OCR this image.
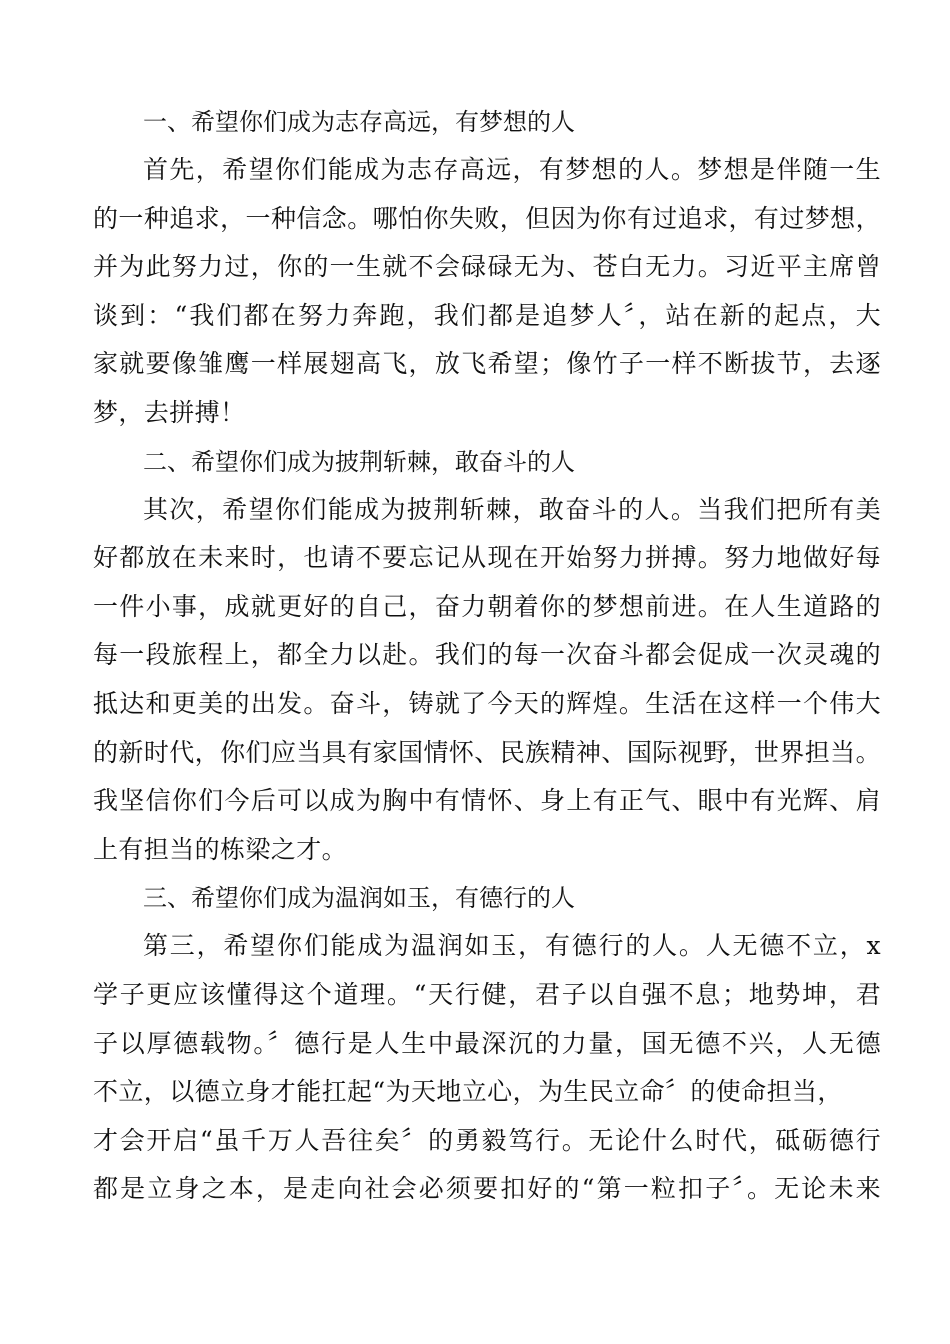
一、希望你们成为志存高远，有梦想的人

首先，希望你们能成为志存高远，有梦想的人。梦想是伴随一生
的一种追求，一种信念。哪怕你失败，但因为你有过追求，有过梦想，
并为此努力过，你的一生就不会碌碌无为、苍白无力。习近平主席曾
谈到：“我们都在努力奔跑，我们都是追梦人〞，站在新的起点，大
家就要像雏鹰一样展翅高飞，放飞希望；像竹子一样不断拔节，去逐
梦，去拼搏！

二、希望你们成为披荆斩棘，敢奋斗的人

其次，希望你们能成为披荆斩棘，敢奋斗的人。当我们把所有美
好都放在未来时，也请不要忘记从现在开始努力拼搏。努力地做好每
一件小事，成就更好的自己，奋力朝着你的梦想前进。在人生道路的
每一段旅程上，都全力以赴。我们的每一次奋斗都会促成一次灵魂的
抵达和更美的出发。奋斗，铸就了今天的辉煌。生活在这样一个伟大
的新时代，你们应当具有家国情怀、民族精神、国际视野，世界担当。
我坚信你们今后可以成为胸中有情怀、身上有正气、眼中有光辉、肩
上有担当的栋梁之才。

三、希望你们成为温润如玉，有德行的人

第三，希望你们能成为温润如玉，有德行的人。人无德不立，x
学子更应该懂得这个道理。“天行健，君子以自强不息；地势坤，君
子以厚德载物。〞德行是人生中最深沉的力量，国无德不兴，人无德
不立，以德立身才能扛起“为天地立心，为生民立命〞的使命担当，
才会开启“虽千万人吾往矣〞的勇毅笃行。无论什么时代，砥砺德行
都是立身之本，是走向社会必须要扣好的“第一粒扣子〞。无论未来
